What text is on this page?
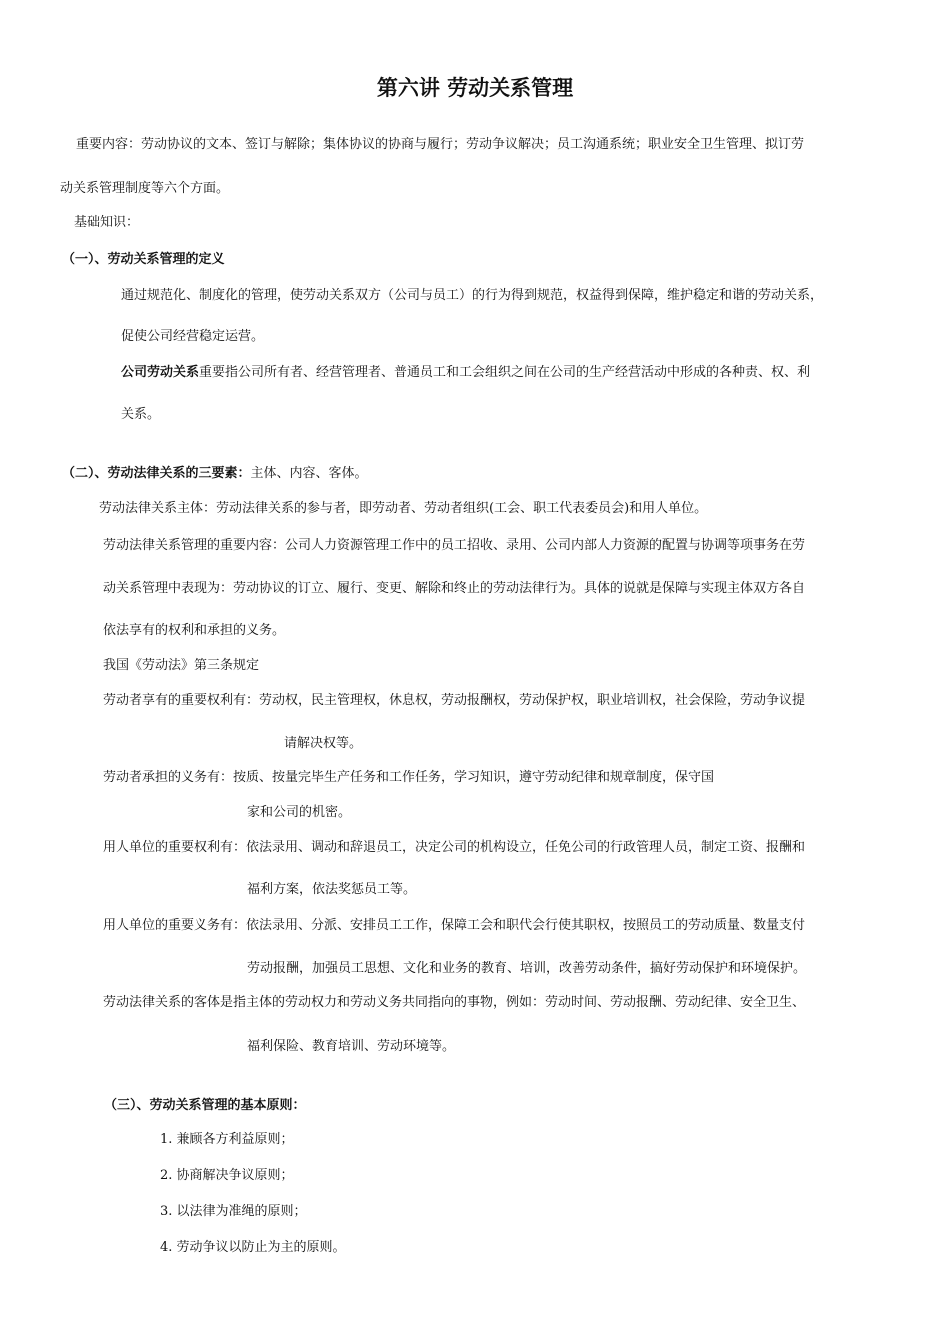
第六讲 劳动关系管理
重要内容：劳动协议的文本、签订与解除；集体协议的协商与履行；劳动争议解决；员工沟通系统；职业安全卫生管理、拟订劳
动关系管理制度等六个方面。
基础知识：
（一）、劳动关系管理的定义
通过规范化、制度化的管理，使劳动关系双方（公司与员工）的行为得到规范，权益得到保障，维护稳定和谐的劳动关系，
促使公司经营稳定运营。
公司劳动关系重要指公司所有者、经营管理者、普通员工和工会组织之间在公司的生产经营活动中形成的各种责、权、利
关系。
（二）、劳动法律关系的三要素：主体、内容、客体。
劳动法律关系主体：劳动法律关系的参与者，即劳动者、劳动者组织(工会、职工代表委员会)和用人单位。
劳动法律关系管理的重要内容：公司人力资源管理工作中的员工招收、录用、公司内部人力资源的配置与协调等项事务在劳
动关系管理中表现为：劳动协议的订立、履行、变更、解除和终止的劳动法律行为。具体的说就是保障与实现主体双方各自
依法享有的权利和承担的义务。
我国《劳动法》第三条规定
劳动者享有的重要权利有：劳动权，民主管理权，休息权，劳动报酬权，劳动保护权，职业培训权，社会保险，劳动争议提
请解决权等。
劳动者承担的义务有：按质、按量完毕生产任务和工作任务，学习知识，遵守劳动纪律和规章制度，保守国
家和公司的机密。
用人单位的重要权利有：依法录用、调动和辞退员工，决定公司的机构设立，任免公司的行政管理人员，制定工资、报酬和
福利方案，依法奖惩员工等。
用人单位的重要义务有：依法录用、分派、安排员工工作，保障工会和职代会行使其职权，按照员工的劳动质量、数量支付
劳动报酬，加强员工思想、文化和业务的教育、培训，改善劳动条件，搞好劳动保护和环境保护。
劳动法律关系的客体是指主体的劳动权力和劳动义务共同指向的事物，例如：劳动时间、劳动报酬、劳动纪律、安全卫生、
福利保险、教育培训、劳动环境等。
（三）、劳动关系管理的基本原则：
1. 兼顾各方利益原则；
2. 协商解决争议原则；
3. 以法律为准绳的原则；
4. 劳动争议以防止为主的原则。
